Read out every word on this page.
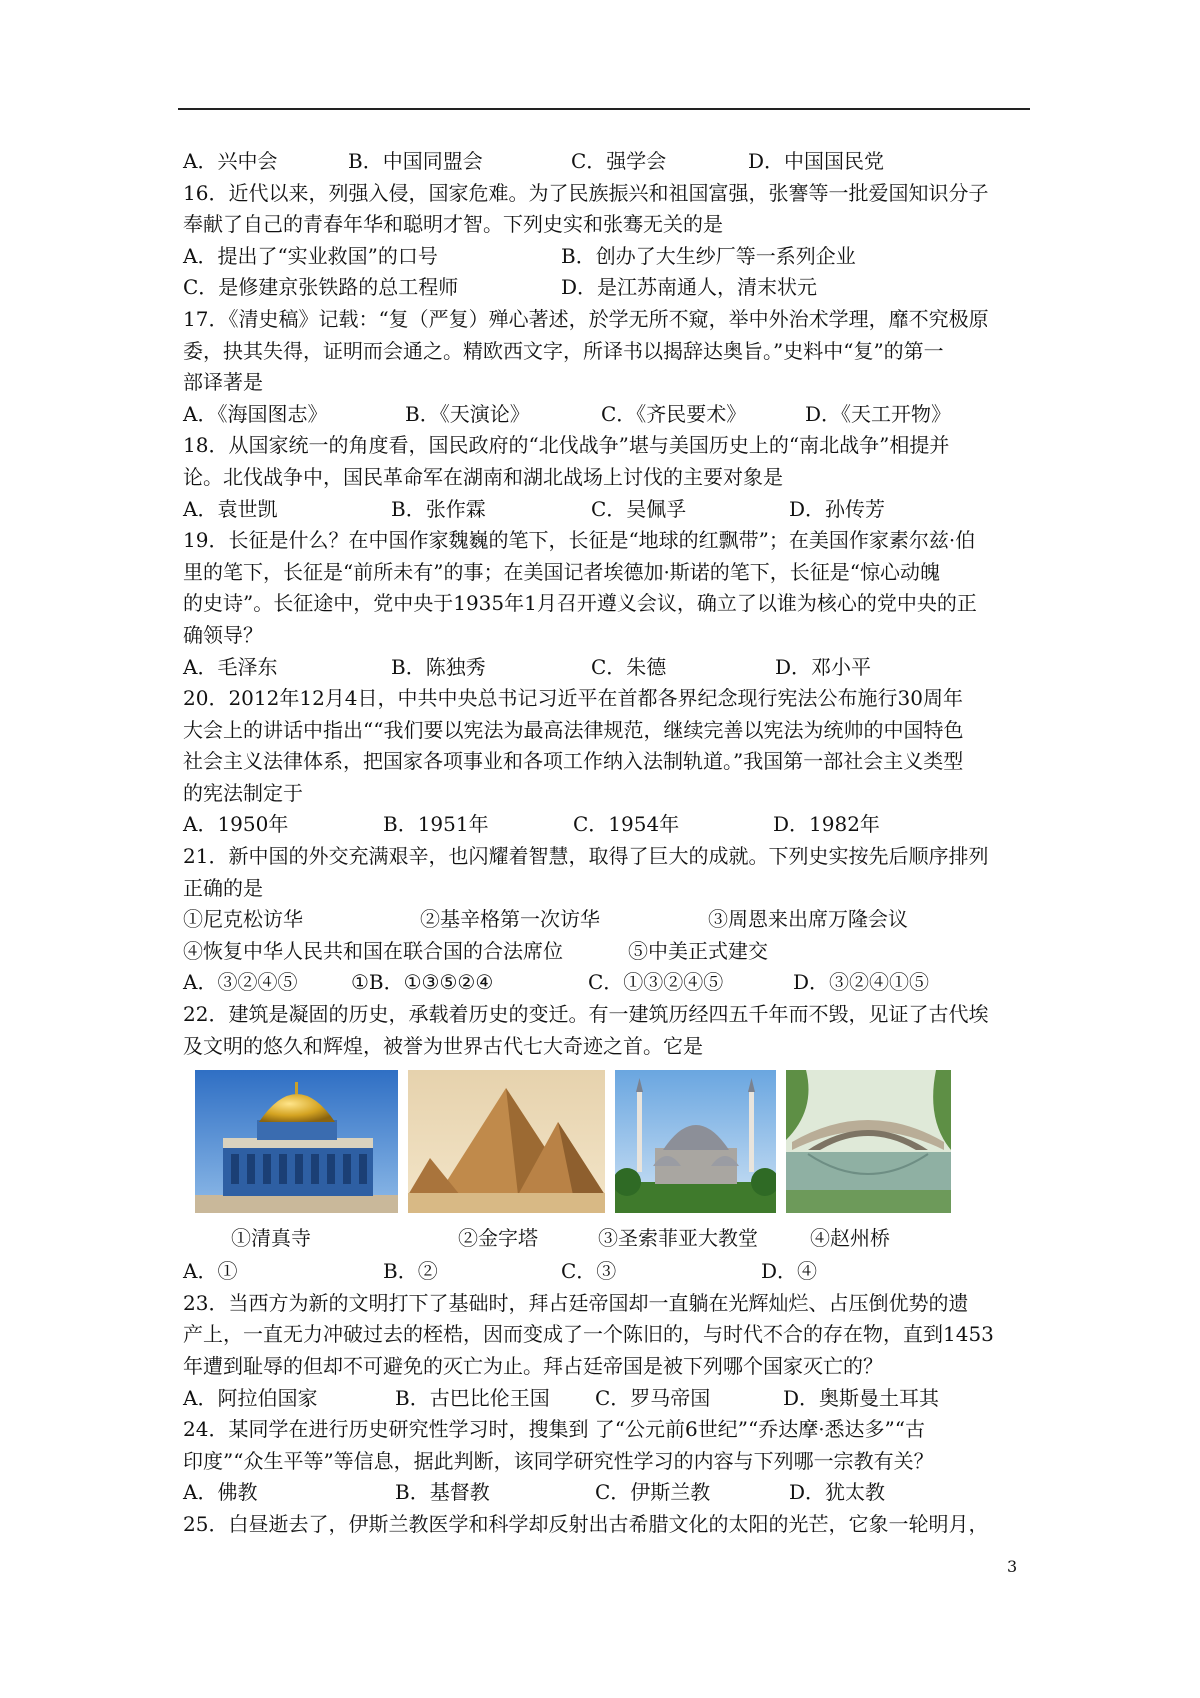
A．兴中会	B．中国同盟会	C．强学会	D．中国国民党
16．近代以来，列强入侵，国家危难。为了民族振兴和祖国富强，张謇等一批爱国知识分子
奉献了自己的青春年华和聪明才智。下列史实和张骞无关的是
A．提出了“实业救国”的口号	B．创办了大生纱厂等一系列企业
C．是修建京张铁路的总工程师	D．是江苏南通人，清末状元
17．《清史稿》记载：“复（严复）殚心著述，於学无所不窥，举中外治术学理，靡不究极原
委，抉其失得，证明而会通之。精欧西文字，所译书以揭辞达奥旨。”史料中“复”的第一
部译著是
A．《海国图志》	B．《天演论》	C．《齐民要术》	D．《天工开物》
18．从国家统一的角度看，国民政府的“北伐战争”堪与美国历史上的“南北战争”相提并
论。北伐战争中，国民革命军在湖南和湖北战场上讨伐的主要对象是
A．袁世凯	B．张作霖	C．吴佩孚	D．孙传芳
19．长征是什么？在中国作家魏巍的笔下，长征是“地球的红飘带”；在美国作家素尔兹·伯
里的笔下，长征是“前所未有”的事；在美国记者埃德加·斯诺的笔下，长征是“惊心动魄
的史诗”。长征途中，党中央于1935年1月召开遵义会议，确立了以谁为核心的党中央的正
确领导？
A．毛泽东	B．陈独秀	C．朱德	D．邓小平
20．2012年12月4日，中共中央总书记习近平在首都各界纪念现行宪法公布施行30周年
大会上的讲话中指出““我们要以宪法为最高法律规范，继续完善以宪法为统帅的中国特色
社会主义法律体系，把国家各项事业和各项工作纳入法制轨道。”我国第一部社会主义类型
的宪法制定于
A．1950年	B．1951年	C．1954年	D．1982年
21．新中国的外交充满艰辛，也闪耀着智慧，取得了巨大的成就。下列史实按先后顺序排列
正确的是
①尼克松访华	②基辛格第一次访华	③周恩来出席万隆会议
④恢复中华人民共和国在联合国的合法席位	⑤中美正式建交
A．③②④⑤	①B．①③⑤②④	C．①③②④⑤	D．③②④①⑤
22．建筑是凝固的历史，承载着历史的变迁。有一建筑历经四五千年而不毁，见证了古代埃
及文明的悠久和辉煌，被誉为世界古代七大奇迹之首。它是
①清真寺	②金字塔	③圣索菲亚大教堂	④赵州桥
A．①	B．②	C．③	D．④
23．当西方为新的文明打下了基础时，拜占廷帝国却一直躺在光辉灿烂、占压倒优势的遗
产上，一直无力冲破过去的桎梏，因而变成了一个陈旧的，与时代不合的存在物，直到1453
年遭到耻辱的但却不可避免的灭亡为止。拜占廷帝国是被下列哪个国家灭亡的？
A．阿拉伯国家	B．古巴比伦王国 C．罗马帝国	D．奥斯曼土耳其
24．某同学在进行历史研究性学习时，搜集到 了“公元前6世纪”“乔达摩·悉达多”“古
印度”“众生平等”等信息，据此判断，该同学研究性学习的内容与下列哪一宗教有关？
A．佛教	B．基督教	C．伊斯兰教	D．犹太教
25．白昼逝去了，伊斯兰教医学和科学却反射出古希腊文化的太阳的光芒，它象一轮明月，
3
